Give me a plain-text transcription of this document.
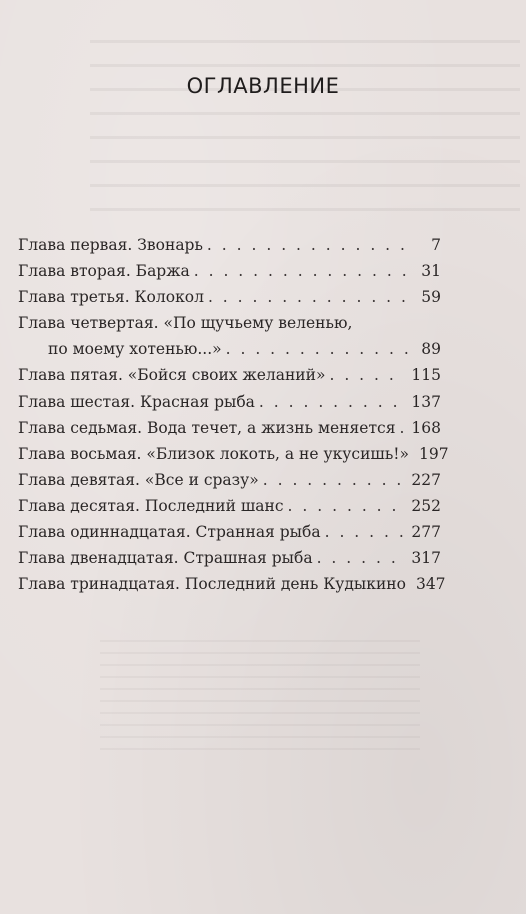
ОГЛАВЛЕНИЕ
Глава первая. Звонарь . . .	7
Глава вторая. Баржа . . .	31
Глава третья. Колокол . . .	59
Глава четвертая. «По щучьему веленью,
по моему хотенью...» . . .	89
Глава пятая. «Бойся своих желаний» . . .	115
Глава шестая. Красная рыба . . .	137
Глава седьмая. Вода течет, а жизнь меняется . . . 168
Глава восьмая. «Близок локоть, а не укусишь!» 197
Глава девятая. «Все и сразу» . . .	227
Глава десятая. Последний шанс . . .	252
Глава одиннадцатая. Странная рыба . . .	277
Глава двенадцатая. Страшная рыба . . .	317
Глава тринадцатая. Последний день Кудыкино 347
